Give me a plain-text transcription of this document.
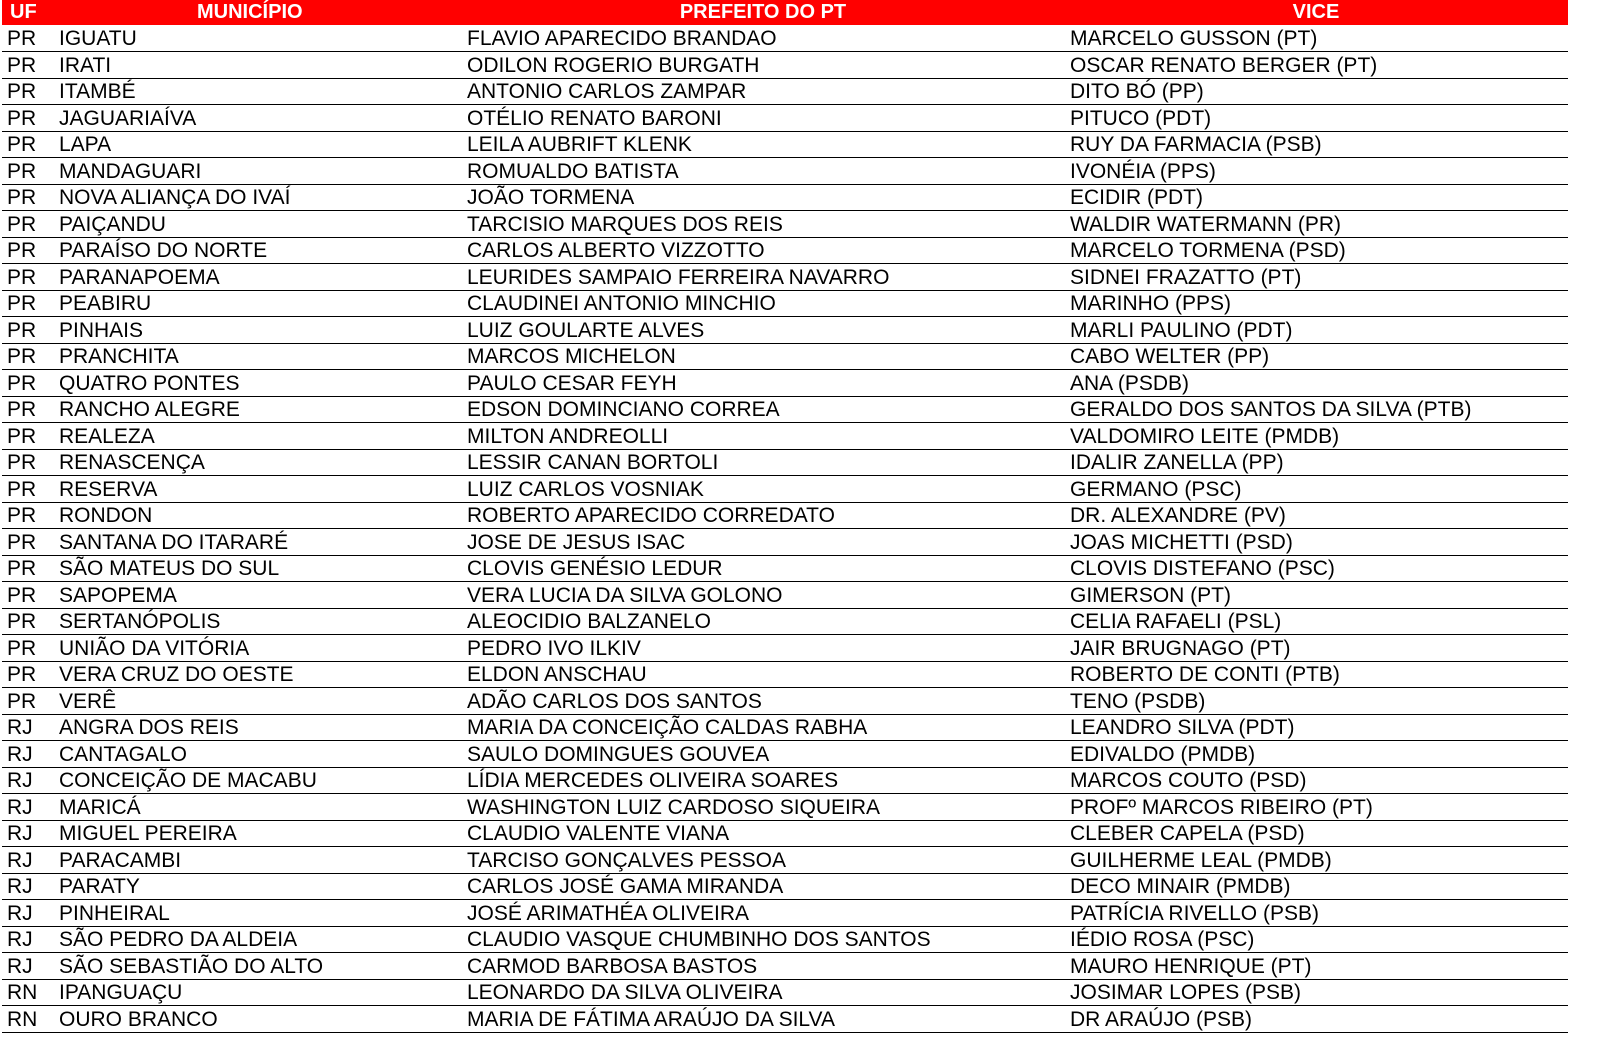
UF	MUNICÍPIO	PREFEITO DO PT	VICE
PR	IGUATU	FLAVIO APARECIDO BRANDAO	MARCELO GUSSON (PT)
PR	IRATI	ODILON ROGERIO BURGATH	OSCAR RENATO BERGER (PT)
PR	ITAMBÉ	ANTONIO CARLOS ZAMPAR	DITO BÓ (PP)
PR	JAGUARIAÍVA	OTÉLIO RENATO BARONI	PITUCO (PDT)
PR	LAPA	LEILA AUBRIFT KLENK	RUY DA FARMACIA (PSB)
PR	MANDAGUARI	ROMUALDO BATISTA	IVONÉIA (PPS)
PR	NOVA ALIANÇA DO IVAÍ	JOÃO TORMENA	ECIDIR (PDT)
PR	PAIÇANDU	TARCISIO MARQUES DOS REIS	WALDIR WATERMANN (PR)
PR	PARAÍSO DO NORTE	CARLOS ALBERTO VIZZOTTO	MARCELO TORMENA (PSD)
PR	PARANAPOEMA	LEURIDES SAMPAIO FERREIRA NAVARRO	SIDNEI FRAZATTO (PT)
PR	PEABIRU	CLAUDINEI ANTONIO MINCHIO	MARINHO (PPS)
PR	PINHAIS	LUIZ GOULARTE ALVES	MARLI PAULINO (PDT)
PR	PRANCHITA	MARCOS MICHELON	CABO WELTER (PP)
PR	QUATRO PONTES	PAULO CESAR FEYH	ANA (PSDB)
PR	RANCHO ALEGRE	EDSON DOMINCIANO CORREA	GERALDO DOS SANTOS DA SILVA (PTB)
PR	REALEZA	MILTON ANDREOLLI	VALDOMIRO LEITE (PMDB)
PR	RENASCENÇA	LESSIR CANAN BORTOLI	IDALIR ZANELLA (PP)
PR	RESERVA	LUIZ CARLOS VOSNIAK	GERMANO (PSC)
PR	RONDON	ROBERTO APARECIDO CORREDATO	DR. ALEXANDRE (PV)
PR	SANTANA DO ITARARÉ	JOSE DE JESUS ISAC	JOAS MICHETTI (PSD)
PR	SÃO MATEUS DO SUL	CLOVIS GENÉSIO LEDUR	CLOVIS DISTEFANO (PSC)
PR	SAPOPEMA	VERA LUCIA DA SILVA GOLONO	GIMERSON (PT)
PR	SERTANÓPOLIS	ALEOCIDIO BALZANELO	CELIA RAFAELI (PSL)
PR	UNIÃO DA VITÓRIA	PEDRO IVO ILKIV	JAIR BRUGNAGO (PT)
PR	VERA CRUZ DO OESTE	ELDON ANSCHAU	ROBERTO DE CONTI (PTB)
PR	VERÊ	ADÃO CARLOS DOS SANTOS	TENO (PSDB)
RJ	ANGRA DOS REIS	MARIA DA CONCEIÇÃO CALDAS RABHA	LEANDRO SILVA (PDT)
RJ	CANTAGALO	SAULO DOMINGUES GOUVEA	EDIVALDO (PMDB)
RJ	CONCEIÇÃO DE MACABU	LÍDIA MERCEDES OLIVEIRA SOARES	MARCOS COUTO (PSD)
RJ	MARICÁ	WASHINGTON LUIZ CARDOSO SIQUEIRA	PROFº MARCOS RIBEIRO (PT)
RJ	MIGUEL PEREIRA	CLAUDIO VALENTE VIANA	CLEBER CAPELA (PSD)
RJ	PARACAMBI	TARCISO GONÇALVES PESSOA	GUILHERME LEAL (PMDB)
RJ	PARATY	CARLOS JOSÉ GAMA MIRANDA	DECO MINAIR (PMDB)
RJ	PINHEIRAL	JOSÉ ARIMATHÉA OLIVEIRA	PATRÍCIA RIVELLO (PSB)
RJ	SÃO PEDRO DA ALDEIA	CLAUDIO VASQUE CHUMBINHO DOS SANTOS	IÉDIO ROSA (PSC)
RJ	SÃO SEBASTIÃO DO ALTO	CARMOD BARBOSA BASTOS	MAURO HENRIQUE (PT)
RN	IPANGUAÇU	LEONARDO DA SILVA OLIVEIRA	JOSIMAR LOPES (PSB)
RN	OURO BRANCO	MARIA DE FÁTIMA ARAÚJO DA SILVA	DR ARAÚJO (PSB)
